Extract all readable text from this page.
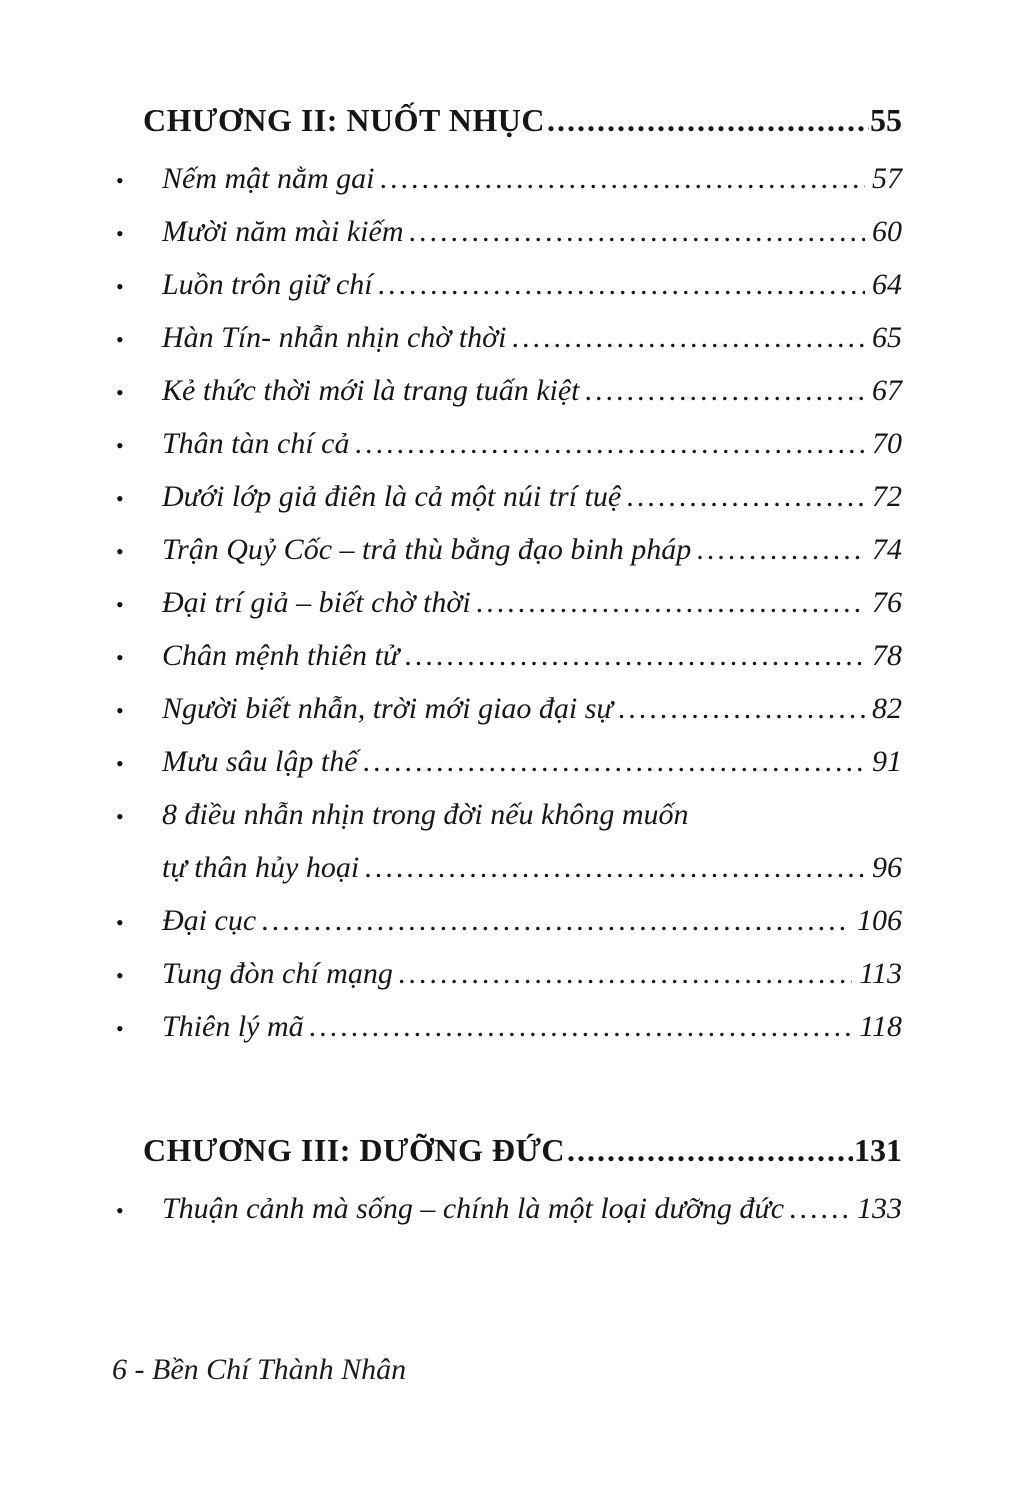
CHƯƠNG II: NUỐT NHỤC .....	55
•	Nếm mật nằm gai .....	57
•	Mười năm mài kiếm .....	60
•	Luồn trôn giữ chí .....	64
•	Hàn Tín- nhẫn nhịn chờ thời .....	65
•	Kẻ thức thời mới là trang tuấn kiệt .....	67
•	Thân tàn chí cả .....	70
•	Dưới lớp giả điên là cả một núi trí tuệ .....	72
•	Trận Quỷ Cốc – trả thù bằng đạo binh pháp .....	74
•	Đại trí giả – biết chờ thời .....	76
•	Chân mệnh thiên tử .....	78
•	Người biết nhẫn, trời mới giao đại sự .....	82
•	Mưu sâu lập thế .....	91
•	8 điều nhẫn nhịn trong đời nếu không muốn
tự thân hủy hoại .....	96
•	Đại cục .....	106
•	Tung đòn chí mạng .....	113
•	Thiên lý mã .....	118
CHƯƠNG III: DƯỠNG ĐỨC .....	131
•	Thuận cảnh mà sống – chính là một loại dưỡng đức ..... 133
6 - Bền Chí Thành Nhân
